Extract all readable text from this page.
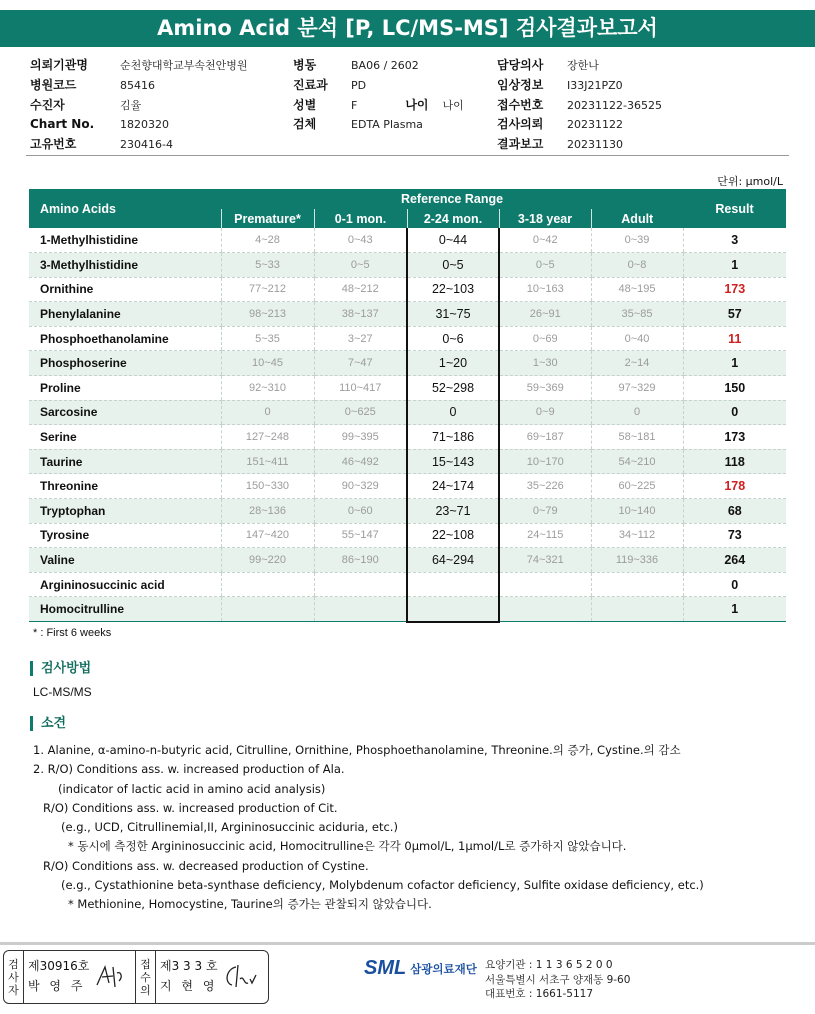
Amino Acid 분석 [P, LC/MS-MS] 검사결과보고서
의뢰기관명	순천향대학교부속천안병원
병원코드	85416
수진자	김율
Chart No.	1820320
고유번호	230416-4
병동	BA06 / 2602
진료과	PD
성별	F	나이 나이
검체	EDTA Plasma
담당의사	장한나
임상정보	I33J21PZ0
접수번호	20231122-36525
검사의뢰	20231122
결과보고	20231130
단위: μmol/L
Amino Acids	Reference Range					Result
	Premature*	0-1 mon.	2-24 mon.	3-18 year	Adult	
1-Methylhistidine	4~28	0~43	0~44	0~42	0~39	3
3-Methylhistidine	5~33	0~5	0~5	0~5	0~8	1
Ornithine	77~212	48~212	22~103	10~163	48~195	173
Phenylalanine	98~213	38~137	31~75	26~91	35~85	57
Phosphoethanolamine	5~35	3~27	0~6	0~69	0~40	11
Phosphoserine	10~45	7~47	1~20	1~30	2~14	1
Proline	92~310	110~417	52~298	59~369	97~329	150
Sarcosine	0	0~625	0	0~9	0	0
Serine	127~248	99~395	71~186	69~187	58~181	173
Taurine	151~411	46~492	15~143	10~170	54~210	118
Threonine	150~330	90~329	24~174	35~226	60~225	178
Tryptophan	28~136	0~60	23~71	0~79	10~140	68
Tyrosine	147~420	55~147	22~108	24~115	34~112	73
Valine	99~220	86~190	64~294	74~321	119~336	264
Argininosuccinic acid						0
Homocitrulline						1
* : First 6 weeks
검사방법
LC-MS/MS
소견
1. Alanine, α-amino-n-butyric acid, Citrulline, Ornithine, Phosphoethanolamine, Threonine.의 증가, Cystine.의 감소
2. R/O) Conditions ass. w. increased production of Ala.
(indicator of lactic acid in amino acid analysis)
R/O) Conditions ass. w. increased production of Cit.
(e.g., UCD, Citrullinemial,II, Argininosuccinic aciduria, etc.)
* 동시에 측정한 Argininosuccinic acid, Homocitrulline은 각각 0μmol/L, 1μmol/L로 증가하지 않았습니다.
R/O) Conditions ass. w. decreased production of Cystine.
(e.g., Cystathionine beta-synthase deficiency, Molybdenum cofactor deficiency, Sulfite oxidase deficiency, etc.)
* Methionine, Homocystine, Taurine의 증가는 관찰되지 않았습니다.
검
사
자
제30916호
박 영 주
접
수
의
제3 3 3 호
지 현 영
SML 삼광의료재단 요양기관 : 1 1 3 6 5 2 0 0
서울특별시 서초구 양재동 9-60
대표번호 : 1661-5117
